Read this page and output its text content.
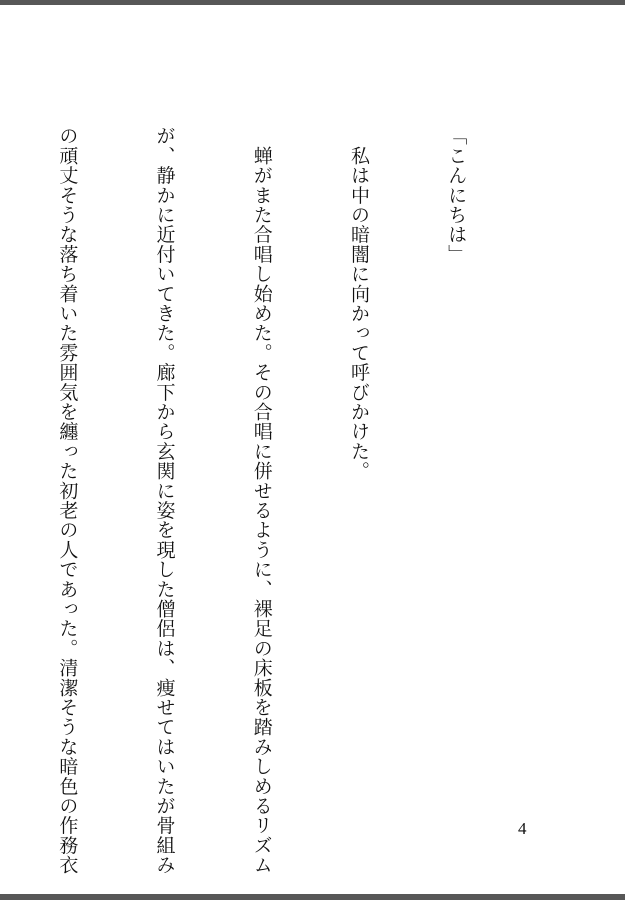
「こんにちは」

　私は中の暗闇に向かって呼びかけた。

　蝉がまた合唱し始めた。その合唱に併せるように、裸足の床板を踏みしめるリズム

が、静かに近付いてきた。廊下から玄関に姿を現した僧侶は、痩せてはいたが骨組み

の頑丈そうな落ち着いた雰囲気を纏った初老の人であった。清潔そうな暗色の作務衣

	4
